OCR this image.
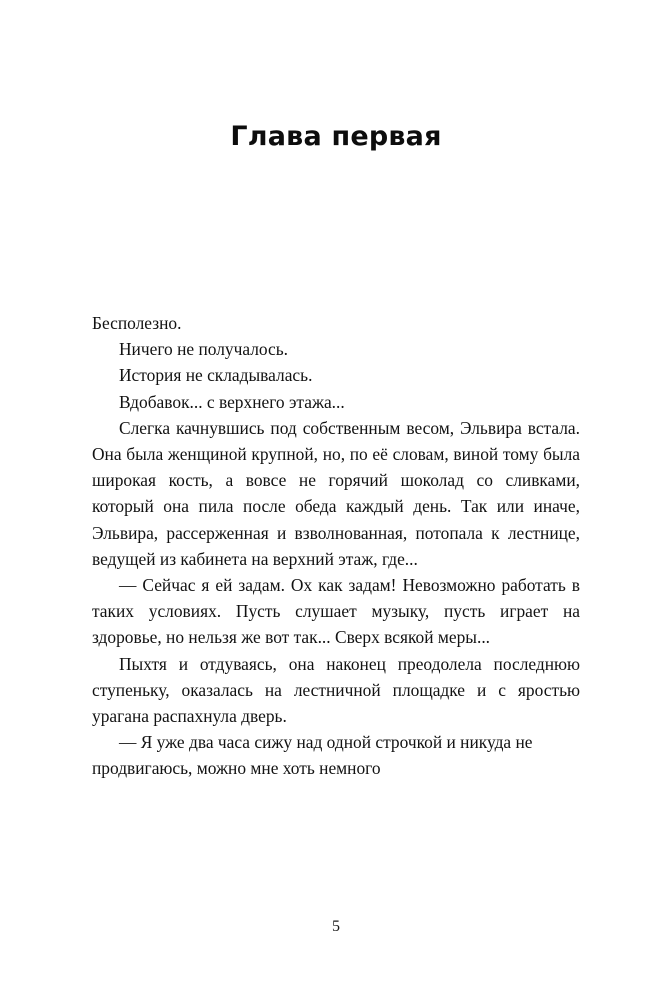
Глава первая

Бесполезно.

Ничего не получалось.

История не складывалась.

Вдобавок... с верхнего этажа...

Слегка качнувшись под собственным весом, Эльвира встала. Она была женщиной крупной, но, по её словам, виной тому была широкая кость, а вовсе не горячий шоколад со сливками, который она пила после обеда каждый день. Так или иначе, Эльвира, рассерженная и взволнованная, потопала к лестнице, ведущей из кабинета на верхний этаж, где...

— Сейчас я ей задам. Ох как задам! Невозможно работать в таких условиях. Пусть слушает музыку, пусть играет на здоровье, но нельзя же вот так... Сверх всякой меры...

Пыхтя и отдуваясь, она наконец преодолела последнюю ступеньку, оказалась на лестничной площадке и с яростью урагана распахнула дверь.

— Я уже два часа сижу над одной строчкой и никуда не продвигаюсь, можно мне хоть немного

5
